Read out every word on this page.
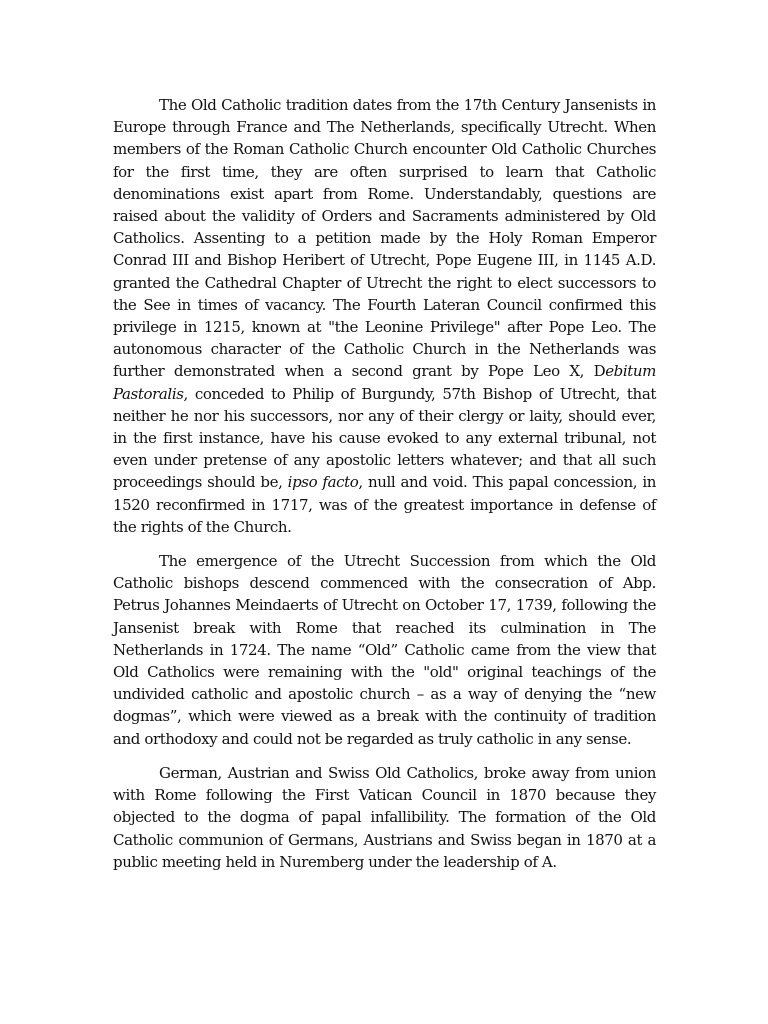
The Old Catholic tradition dates from the 17th Century Jansenists in Europe through France and The Netherlands, specifically Utrecht. When members of the Roman Catholic Church encounter Old Catholic Churches for the first time, they are often surprised to learn that Catholic denominations exist apart from Rome. Understandably, questions are raised about the validity of Orders and Sacraments administered by Old Catholics. Assenting to a petition made by the Holy Roman Emperor Conrad III and Bishop Heribert of Utrecht, Pope Eugene III, in 1145 A.D. granted the Cathedral Chapter of Utrecht the right to elect successors to the See in times of vacancy. The Fourth Lateran Council confirmed this privilege in 1215, known at "the Leonine Privilege" after Pope Leo. The autonomous character of the Catholic Church in the Netherlands was further demonstrated when a second grant by Pope Leo X, Debitum Pastoralis, conceded to Philip of Burgundy, 57th Bishop of Utrecht, that neither he nor his successors, nor any of their clergy or laity, should ever, in the first instance, have his cause evoked to any external tribunal, not even under pretense of any apostolic letters whatever; and that all such proceedings should be, ipso facto, null and void. This papal concession, in 1520 reconfirmed in 1717, was of the greatest importance in defense of the rights of the Church.

The emergence of the Utrecht Succession from which the Old Catholic bishops descend commenced with the consecration of Abp. Petrus Johannes Meindaerts of Utrecht on October 17, 1739, following the Jansenist break with Rome that reached its culmination in The Netherlands in 1724. The name “Old” Catholic came from the view that Old Catholics were remaining with the "old" original teachings of the undivided catholic and apostolic church – as a way of denying the “new dogmas”, which were viewed as a break with the continuity of tradition and orthodoxy and could not be regarded as truly catholic in any sense.

German, Austrian and Swiss Old Catholics, broke away from union with Rome following the First Vatican Council in 1870 because they objected to the dogma of papal infallibility. The formation of the Old Catholic communion of Germans, Austrians and Swiss began in 1870 at a public meeting held in Nuremberg under the leadership of A.
